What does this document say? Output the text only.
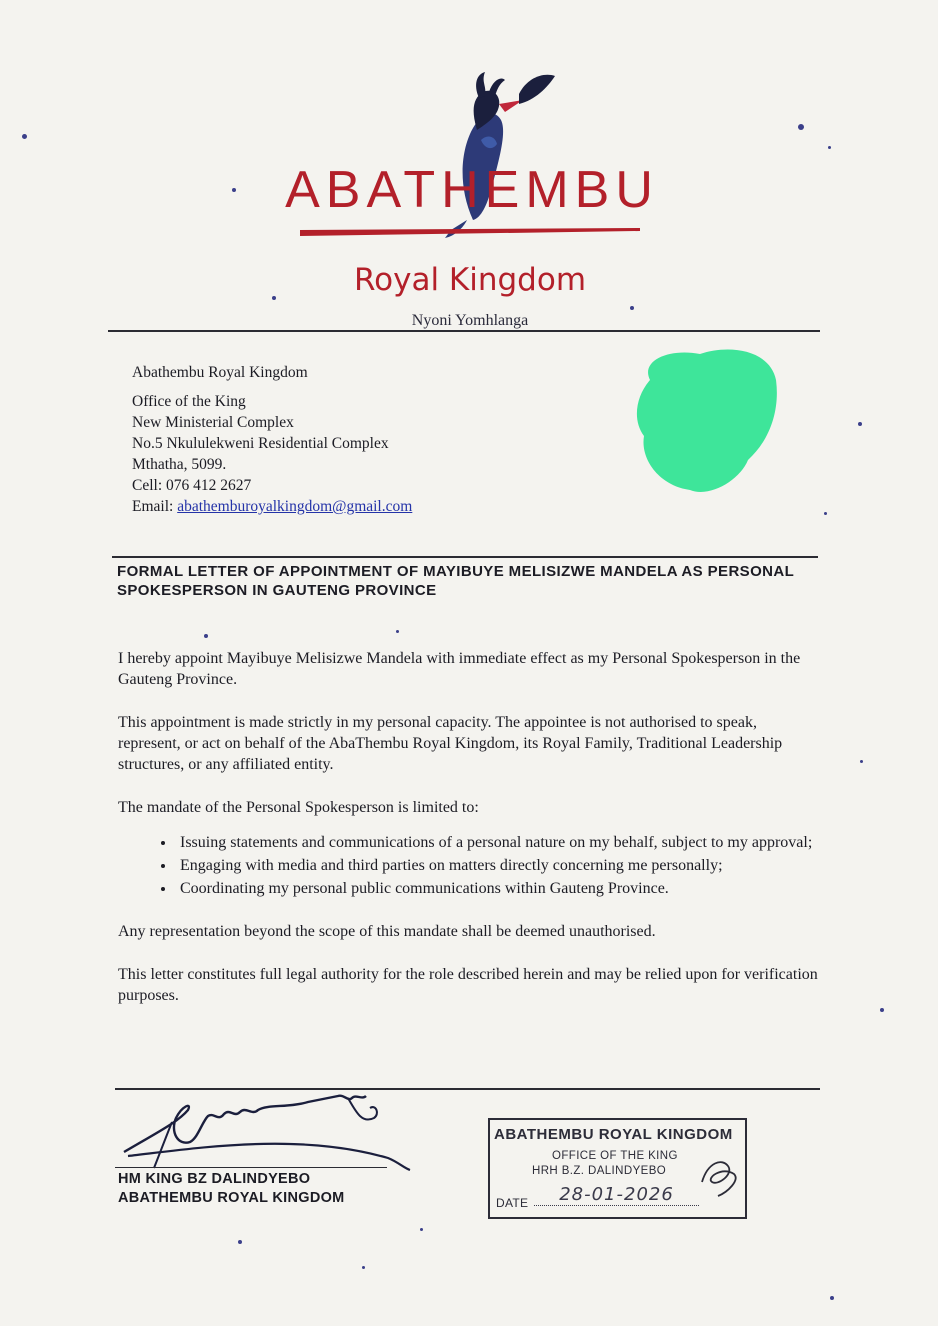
ABATHEMBU
Royal Kingdom
Nyoni Yomhlanga
Abathembu Royal Kingdom
Office of the King
New Ministerial Complex
No.5 Nkululekweni Residential Complex
Mthatha, 5099.
Cell: 076 412 2627
Email: abathemburoyalkingdom@gmail.com
FORMAL LETTER OF APPOINTMENT OF MAYIBUYE MELISIZWE MANDELA AS PERSONAL SPOKESPERSON IN GAUTENG PROVINCE

I hereby appoint Mayibuye Melisizwe Mandela with immediate effect as my Personal Spokesperson in the Gauteng Province.

This appointment is made strictly in my personal capacity. The appointee is not authorised to speak, represent, or act on behalf of the AbaThembu Royal Kingdom, its Royal Family, Traditional Leadership structures, or any affiliated entity.

The mandate of the Personal Spokesperson is limited to:

• Issuing statements and communications of a personal nature on my behalf, subject to my approval;
• Engaging with media and third parties on matters directly concerning me personally;
• Coordinating my personal public communications within Gauteng Province.

Any representation beyond the scope of this mandate shall be deemed unauthorised.

This letter constitutes full legal authority for the role described herein and may be relied upon for verification purposes.

HM KING BZ DALINDYEBO
ABATHEMBU ROYAL KINGDOM
ABATHEMBU ROYAL KINGDOM
OFFICE OF THE KING
HRH B.Z. DALINDYEBO
DATE	28-01-2026
